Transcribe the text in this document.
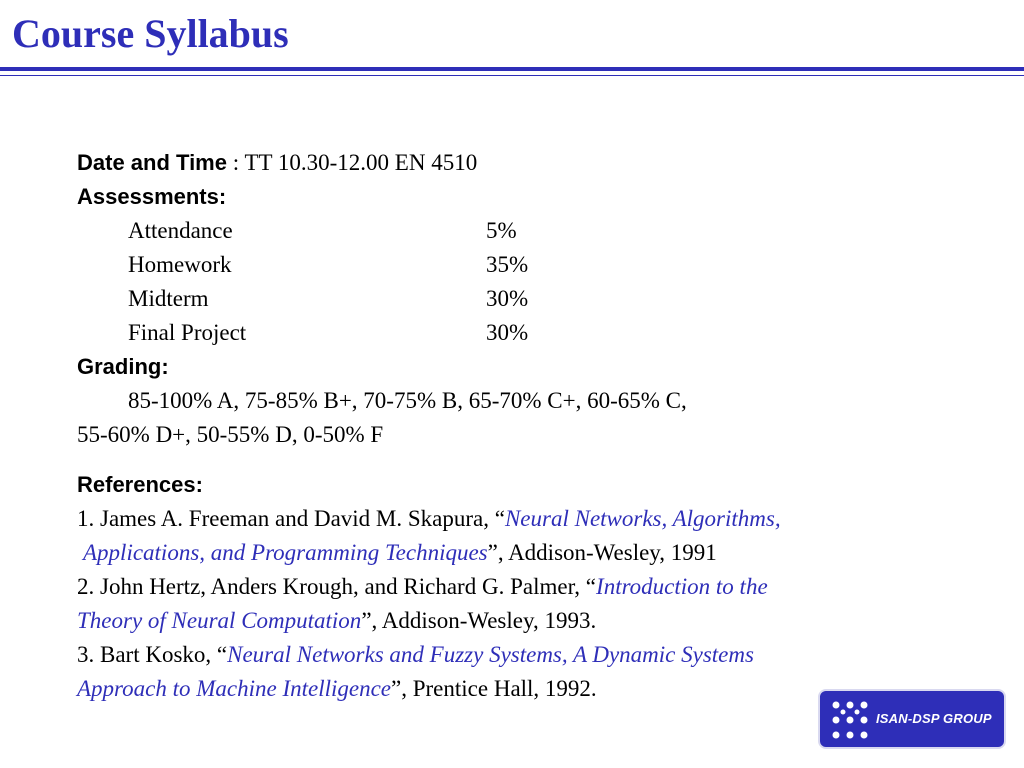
Course Syllabus
Date and Time : TT 10.30-12.00 EN 4510
Assessments:
Attendance	5%
Homework	35%
Midterm	30%
Final Project	30%
Grading:
85-100% A, 75-85% B+, 70-75% B, 65-70% C+, 60-65% C,
55-60% D+, 50-55% D, 0-50% F
References:
1. James A. Freeman and David M. Skapura, “Neural Networks, Algorithms,
Applications, and Programming Techniques”, Addison-Wesley, 1991
2. John Hertz, Anders Krough, and Richard G. Palmer, “Introduction to the
Theory of Neural Computation”, Addison-Wesley, 1993.
3. Bart Kosko, “Neural Networks and Fuzzy Systems, A Dynamic Systems
Approach to Machine Intelligence”, Prentice Hall, 1992.
ISAN-DSP GROUP
